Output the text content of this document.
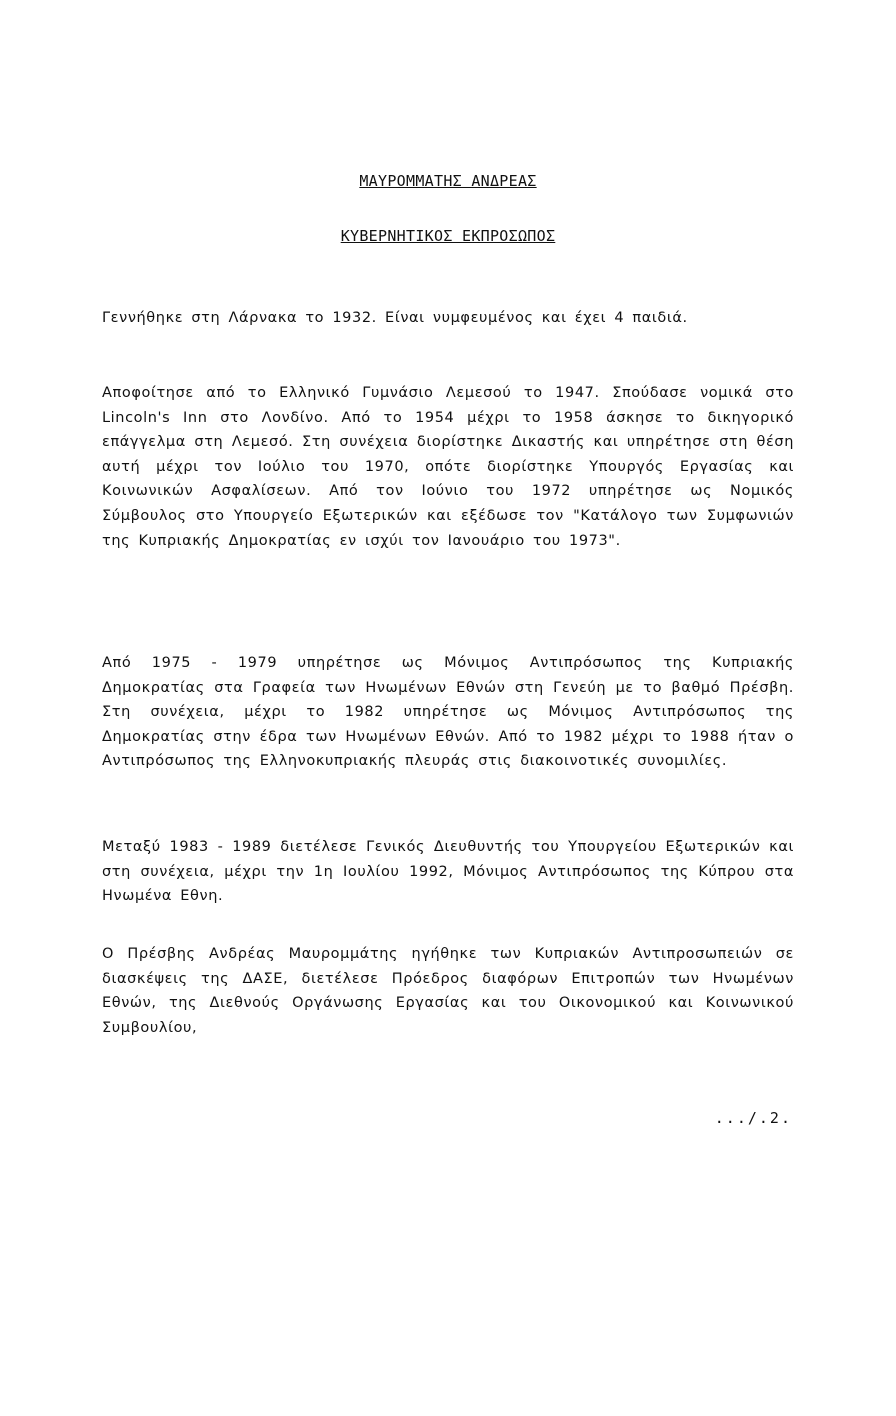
ΜΑΥΡΟΜΜΑΤΗΣ ΑΝΔΡΕΑΣ
ΚΥΒΕΡΝΗΤΙΚΟΣ ΕΚΠΡΟΣΩΠΟΣ

Γεννήθηκε στη Λάρνακα το 1932. Είναι νυμφευμένος και έχει 4 παιδιά.

Αποφοίτησε από το Ελληνικό Γυμνάσιο Λεμεσού το 1947. Σπούδασε νομικά στο Lincoln's Inn στο Λονδίνο. Από το 1954 μέχρι το 1958 άσκησε το δικηγορικό επάγγελμα στη Λεμεσό. Στη συνέχεια διορίστηκε Δικαστής και υπηρέτησε στη θέση αυτή μέχρι τον Ιούλιο του 1970, οπότε διορίστηκε Υπουργός Εργασίας και Κοινωνικών Ασφαλίσεων. Από τον Ιούνιο του 1972 υπηρέτησε ως Νομικός Σύμβουλος στο Υπουργείο Εξωτερικών και εξέδωσε τον "Κατάλογο των Συμφωνιών της Κυπριακής Δημοκρατίας εν ισχύι τον Ιανουάριο του 1973".

Από 1975 - 1979 υπηρέτησε ως Μόνιμος Αντιπρόσωπος της Κυπριακής Δημοκρατίας στα Γραφεία των Ηνωμένων Εθνών στη Γενεύη με το βαθμό Πρέσβη. Στη συνέχεια, μέχρι το 1982 υπηρέτησε ως Μόνιμος Αντιπρόσωπος της Δημοκρατίας στην έδρα των Ηνωμένων Εθνών. Από το 1982 μέχρι το 1988 ήταν ο Αντιπρόσωπος της Ελληνοκυπριακής πλευράς στις διακοινοτικές συνομιλίες.

Μεταξύ 1983 - 1989 διετέλεσε Γενικός Διευθυντής του Υπουργείου Εξωτερικών και στη συνέχεια, μέχρι την 1η Ιουλίου 1992, Μόνιμος Αντιπρόσωπος της Κύπρου στα Ηνωμένα Εθνη.

Ο Πρέσβης Ανδρέας Μαυρομμάτης ηγήθηκε των Κυπριακών Αντιπροσωπειών σε διασκέψεις της ΔΑΣΕ, διετέλεσε Πρόεδρος διαφόρων Επιτροπών των Ηνωμένων Εθνών, της Διεθνούς Οργάνωσης Εργασίας και του Οικονομικού και Κοινωνικού Συμβουλίου,

.../.2.
